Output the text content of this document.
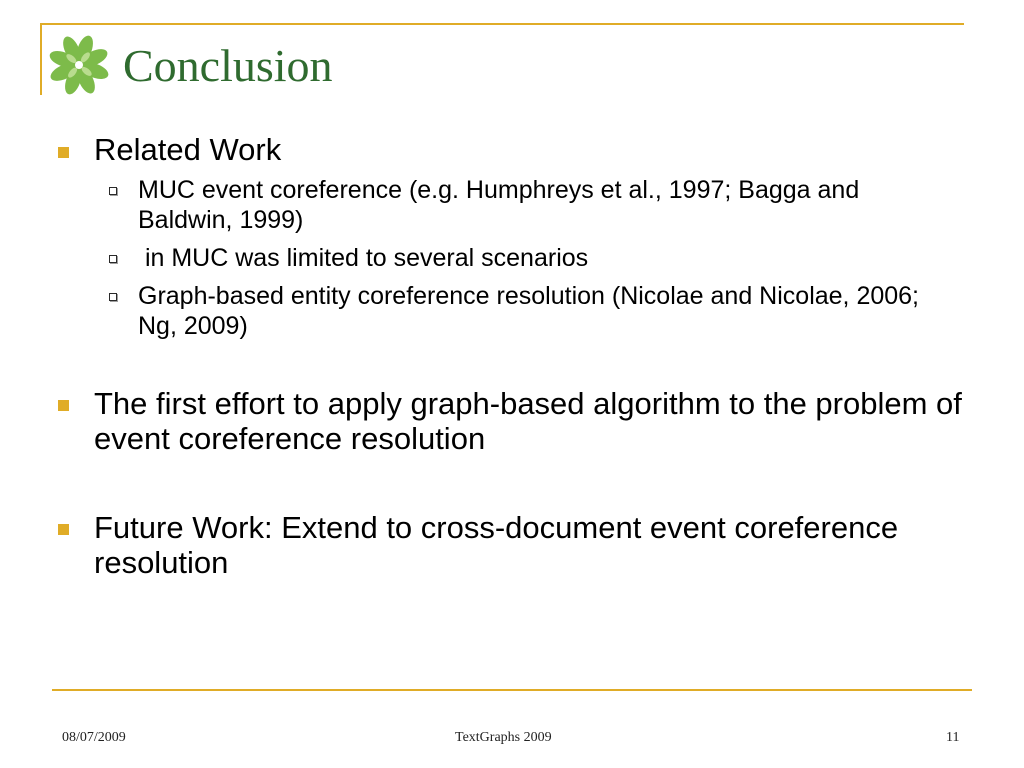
Conclusion
Related Work
MUC event coreference (e.g. Humphreys et al., 1997; Bagga and Baldwin, 1999)
in MUC was limited to several scenarios
Graph-based entity coreference resolution (Nicolae and Nicolae, 2006; Ng, 2009)
The first effort to apply graph-based algorithm to the problem of event coreference resolution
Future Work: Extend to cross-document event coreference resolution
08/07/2009	TextGraphs 2009	11
